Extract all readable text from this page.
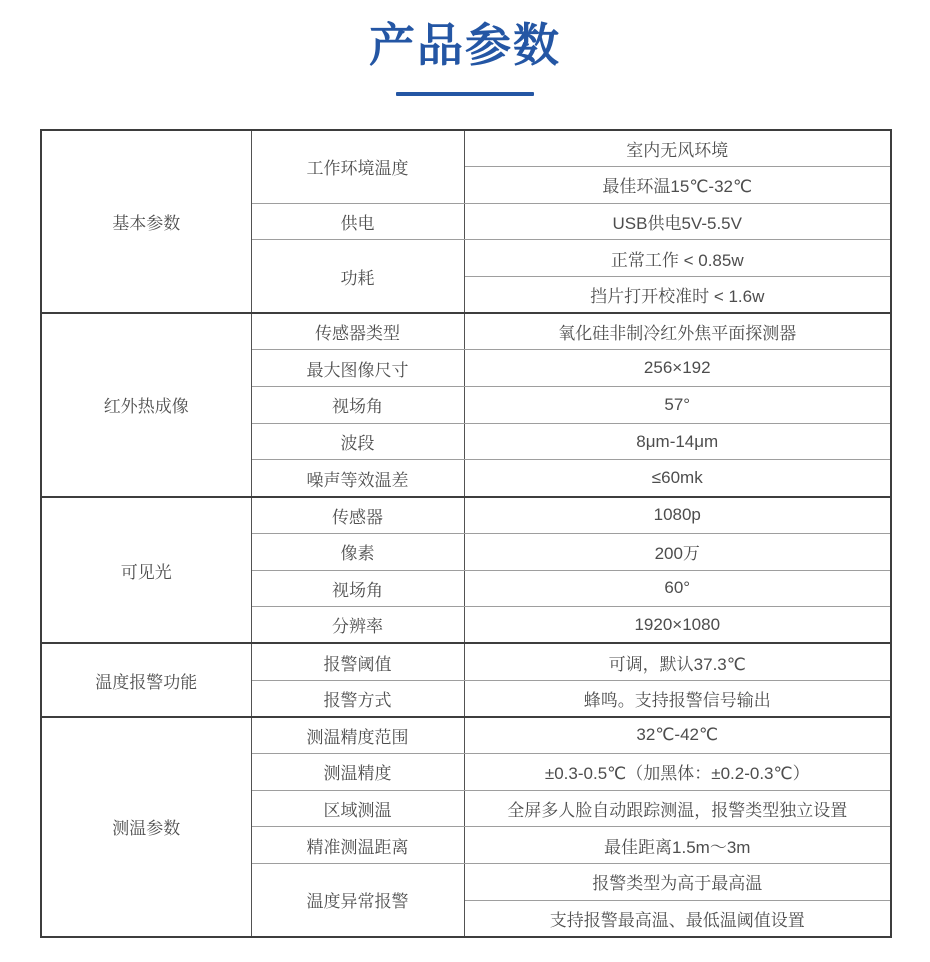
产品参数
基本参数	工作环境温度	室内无风环境
		最佳环温15℃-32℃
	供电	USB供电5V-5.5V
	功耗	正常工作 < 0.85w
		挡片打开校准时 < 1.6w
红外热成像	传感器类型	氧化硅非制冷红外焦平面探测器
	最大图像尺寸	256×192
	视场角	57°
	波段	8μm-14μm
	噪声等效温差	≤60mk
可见光	传感器	1080p
	像素	200万
	视场角	60°
	分辨率	1920×1080
温度报警功能	报警阈值	可调，默认37.3℃
	报警方式	蜂鸣。支持报警信号输出
测温参数	测温精度范围	32℃-42℃
	测温精度	±0.3-0.5℃（加黑体：±0.2-0.3℃）
	区域测温	全屏多人脸自动跟踪测温，报警类型独立设置
	精准测温距离	最佳距离1.5m～3m
	温度异常报警	报警类型为高于最高温
		支持报警最高温、最低温阈值设置
